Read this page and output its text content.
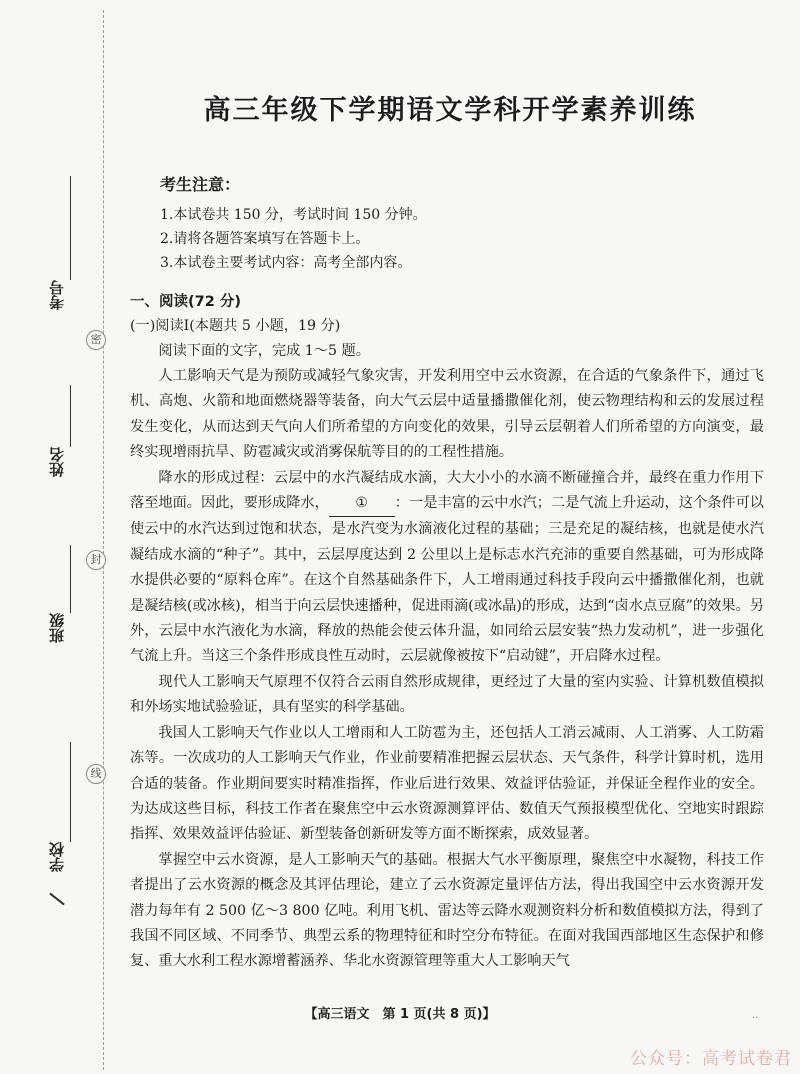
考号
姓名
班级
学校
密
封
线
高三年级下学期语文学科开学素养训练
考生注意：
1.本试卷共 150 分，考试时间 150 分钟。
2.请将各题答案填写在答题卡上。
3.本试卷主要考试内容：高考全部内容。
一、阅读(72 分)
(一)阅读Ⅰ(本题共 5 小题，19 分)
阅读下面的文字，完成 1～5 题。

人工影响天气是为预防或减轻气象灾害，开发利用空中云水资源，在合适的气象条件下，通过飞机、高炮、火箭和地面燃烧器等装备，向大气云层中适量播撒催化剂，使云物理结构和云的发展过程发生变化，从而达到天气向人们所希望的方向变化的效果，引导云层朝着人们所希望的方向演变，最终实现增雨抗旱、防雹减灾或消雾保航等目的的工程性措施。

降水的形成过程：云层中的水汽凝结成水滴，大大小小的水滴不断碰撞合并，最终在重力作用下落至地面。因此，要形成降水， ① ：一是丰富的云中水汽；二是气流上升运动，这个条件可以使云中的水汽达到过饱和状态，是水汽变为水滴液化过程的基础；三是充足的凝结核，也就是使水汽凝结成水滴的“种子”。其中，云层厚度达到 2 公里以上是标志水汽充沛的重要自然基础，可为形成降水提供必要的“原料仓库”。在这个自然基础条件下，人工增雨通过科技手段向云中播撒催化剂，也就是凝结核(或冰核)，相当于向云层快速播种，促进雨滴(或冰晶)的形成，达到“卤水点豆腐”的效果。另外，云层中水汽液化为水滴，释放的热能会使云体升温，如同给云层安装“热力发动机”，进一步强化气流上升。当这三个条件形成良性互动时，云层就像被按下“启动键”，开启降水过程。

现代人工影响天气原理不仅符合云雨自然形成规律，更经过了大量的室内实验、计算机数值模拟和外场实地试验验证，具有坚实的科学基础。

我国人工影响天气作业以人工增雨和人工防雹为主，还包括人工消云减雨、人工消雾、人工防霜冻等。一次成功的人工影响天气作业，作业前要精准把握云层状态、天气条件，科学计算时机，选用合适的装备。作业期间要实时精准指挥，作业后进行效果、效益评估验证，并保证全程作业的安全。为达成这些目标，科技工作者在聚焦空中云水资源测算评估、数值天气预报模型优化、空地实时跟踪指挥、效果效益评估验证、新型装备创新研发等方面不断探索，成效显著。

掌握空中云水资源，是人工影响天气的基础。根据大气水平衡原理，聚焦空中水凝物，科技工作者提出了云水资源的概念及其评估理论，建立了云水资源定量评估方法，得出我国空中云水资源开发潜力每年有 2 500 亿～3 800 亿吨。利用飞机、雷达等云降水观测资料分析和数值模拟方法，得到了我国不同区域、不同季节、典型云系的物理特征和时空分布特征。在面对我国西部地区生态保护和修复、重大水利工程水源增蓄涵养、华北水资源管理等重大人工影响天气

【高三语文　第 1 页(共 8 页)】	..
公众号：高考试卷君
